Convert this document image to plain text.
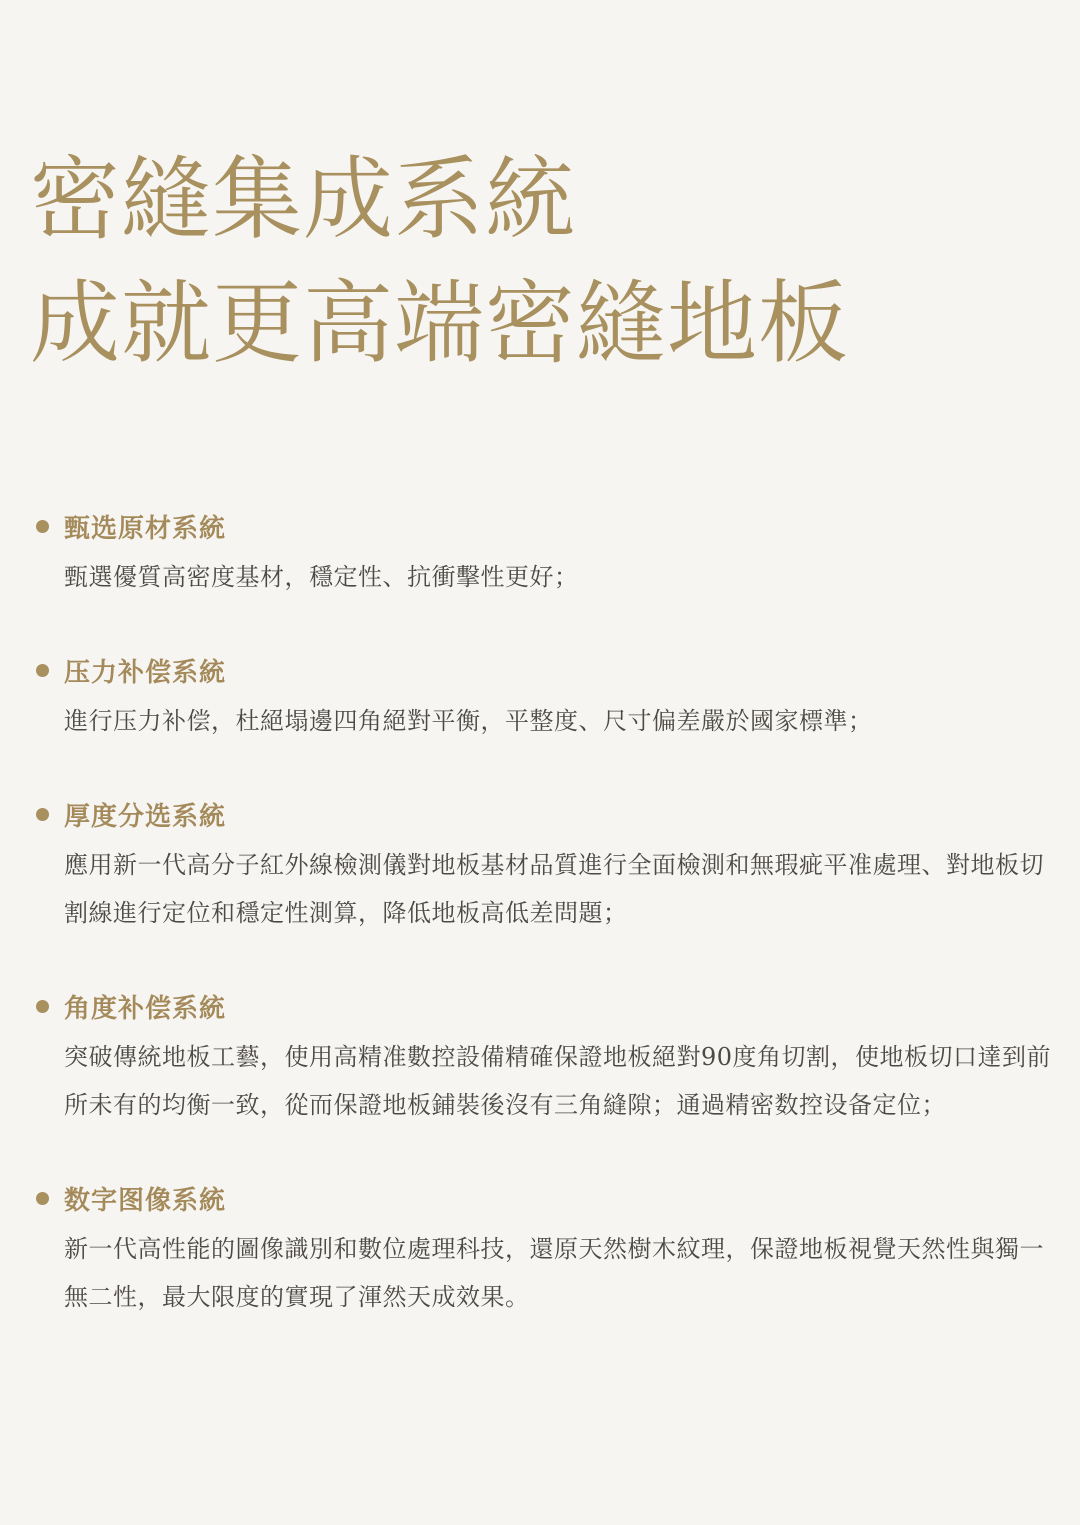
密縫集成系統
成就更高端密縫地板
甄选原材系統
甄選優質高密度基材，穩定性、抗衝擊性更好；
压力补偿系統
進行压力补偿，杜絕塌邊四角絕對平衡，平整度、尺寸偏差嚴於國家標準；
厚度分选系統
應用新一代高分子紅外線檢測儀對地板基材品質進行全面檢測和無瑕疵平准處理、對地板切割線進行定位和穩定性測算，降低地板高低差問題；
角度补偿系統
突破傳統地板工藝，使用高精准數控設備精確保證地板絕對90度角切割，使地板切口達到前所未有的均衡一致，從而保證地板鋪裝後沒有三角縫隙；通過精密数控设备定位；
数字图像系統
新一代高性能的圖像識別和數位處理科技，還原天然樹木紋理，保證地板視覺天然性與獨一無二性，最大限度的實現了渾然天成效果。
